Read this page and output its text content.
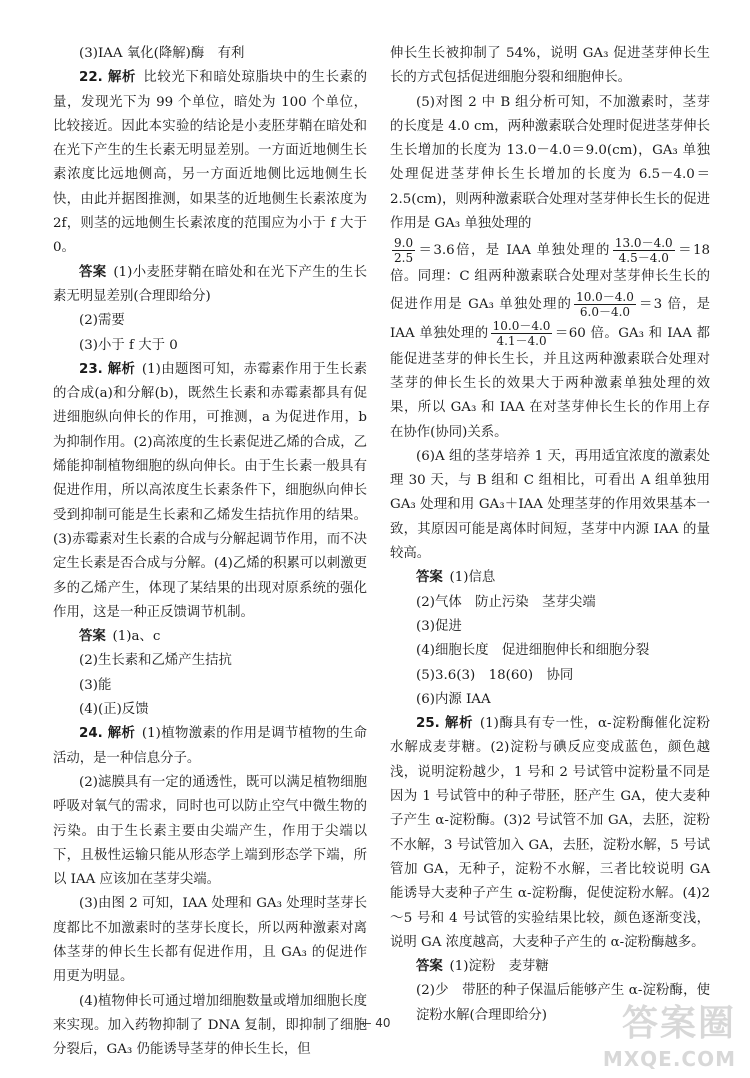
(3)IAA 氧化(降解)酶　有利

22. 解析  比较光下和暗处琼脂块中的生长素的量，发现光下为 99 个单位，暗处为 100 个单位，比较接近。因此本实验的结论是小麦胚芽鞘在暗处和在光下产生的生长素无明显差别。一方面近地侧生长素浓度比远地侧高，另一方面近地侧比远地侧生长快，由此并据图推测，如果茎的近地侧生长素浓度为 2f，则茎的远地侧生长素浓度的范围应为小于 f 大于 0。

答案  (1)小麦胚芽鞘在暗处和在光下产生的生长素无明显差别(合理即给分)

(2)需要

(3)小于 f 大于 0

23. 解析  (1)由题图可知，赤霉素作用于生长素的合成(a)和分解(b)，既然生长素和赤霉素都具有促进细胞纵向伸长的作用，可推测，a 为促进作用，b 为抑制作用。(2)高浓度的生长素促进乙烯的合成，乙烯能抑制植物细胞的纵向伸长。由于生长素一般具有促进作用，所以高浓度生长素条件下，细胞纵向伸长受到抑制可能是生长素和乙烯发生拮抗作用的结果。(3)赤霉素对生长素的合成与分解起调节作用，而不决定生长素是否合成与分解。(4)乙烯的积累可以刺激更多的乙烯产生，体现了某结果的出现对原系统的强化作用，这是一种正反馈调节机制。

答案  (1)a、c

(2)生长素和乙烯产生拮抗

(3)能

(4)(正)反馈

24. 解析  (1)植物激素的作用是调节植物的生命活动，是一种信息分子。

(2)滤膜具有一定的通透性，既可以满足植物细胞呼吸对氧气的需求，同时也可以防止空气中微生物的污染。由于生长素主要由尖端产生，作用于尖端以下，且极性运输只能从形态学上端到形态学下端，所以 IAA 应该加在茎芽尖端。

(3)由图 2 可知，IAA 处理和 GA₃ 处理时茎芽长度都比不加激素时的茎芽长度长，所以两种激素对离体茎芽的伸长生长都有促进作用，且 GA₃ 的促进作用更为明显。

(4)植物伸长可通过增加细胞数量或增加细胞长度来实现。加入药物抑制了 DNA 复制，即抑制了细胞分裂后，GA₃ 仍能诱导茎芽的伸长生长，但

伸长生长被抑制了 54%，说明 GA₃ 促进茎芽伸长生长的方式包括促进细胞分裂和细胞伸长。

(5)对图 2 中 B 组分析可知，不加激素时，茎芽的长度是 4.0 cm，两种激素联合处理时促进茎芽伸长生长增加的长度为 13.0－4.0＝9.0(cm)，GA₃ 单独处理促进茎芽伸长生长增加的长度为 6.5－4.0＝2.5(cm)，则两种激素联合处理对茎芽伸长生长的促进作用是 GA₃ 单独处理的

$\frac{9.0}{2.5} =3.6$倍，是 IAA 单独处理的 $\frac{13.0-4.0}{4.5-4.0} =18$ 倍。同理：C 组两种激素联合处理对茎芽伸长生长的促进作用是 GA₃ 单独处理的 $\frac{10.0-4.0}{6.0-4.0} =3$ 倍，是 IAA 单独处理的 $\frac{10.0-4.0}{4.1-4.0} =60$ 倍。GA₃ 和 IAA 都能促进茎芽的伸长生长，并且这两种激素联合处理对茎芽的伸长生长的效果大于两种激素单独处理的效果，所以 GA₃ 和 IAA 在对茎芽伸长生长的作用上存在协作(协同)关系。

(6)A 组的茎芽培养 1 天，再用适宜浓度的激素处理 30 天，与 B 组和 C 组相比，可看出 A 组单独用 GA₃ 处理和用 GA₃＋IAA 处理茎芽的作用效果基本一致，其原因可能是离体时间短，茎芽中内源 IAA 的量较高。

答案  (1)信息

(2)气体　防止污染　茎芽尖端

(3)促进

(4)细胞长度　促进细胞伸长和细胞分裂

(5)3.6(3)　18(60)　协同

(6)内源 IAA

25. 解析  (1)酶具有专一性，α-淀粉酶催化淀粉水解成麦芽糖。(2)淀粉与碘反应变成蓝色，颜色越浅，说明淀粉越少，1 号和 2 号试管中淀粉量不同是因为 1 号试管中的种子带胚，胚产生 GA，使大麦种子产生 α-淀粉酶。(3)2 号试管不加 GA，去胚，淀粉不水解，3 号试管加入 GA，去胚，淀粉水解，5 号试管加 GA，无种子，淀粉不水解，三者比较说明 GA 能诱导大麦种子产生 α-淀粉酶，促使淀粉水解。(4)2～5 号和 4 号试管的实验结果比较，颜色逐渐变浅，说明 GA 浓度越高，大麦种子产生的 α-淀粉酶越多。

答案  (1)淀粉　麦芽糖

(2)少　带胚的种子保温后能够产生 α-淀粉酶，使淀粉水解(合理即给分)

— 40	答案圈
MXQE.COM
